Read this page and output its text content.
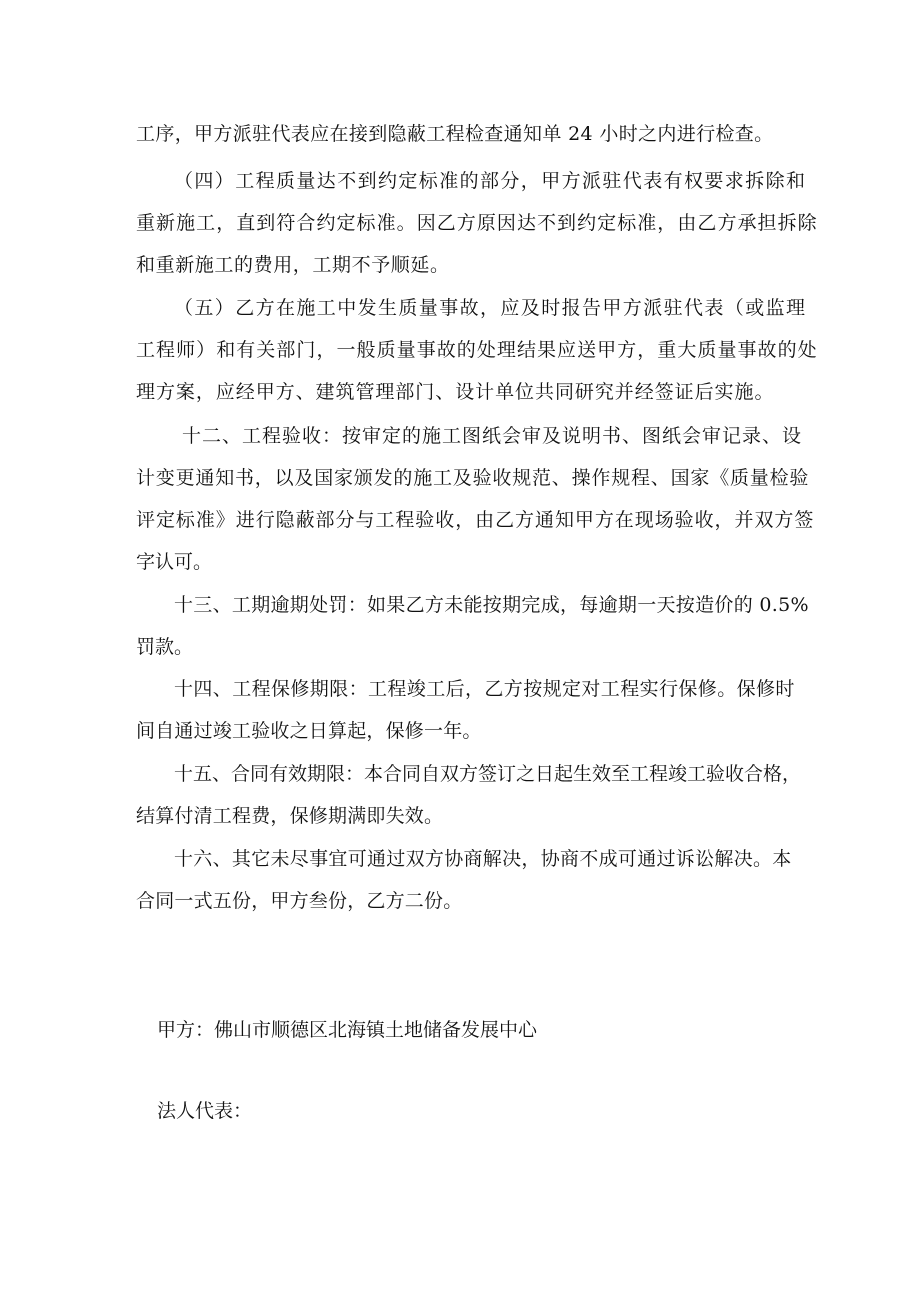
工序，甲方派驻代表应在接到隐蔽工程检查通知单 24 小时之内进行检查。
（四）工程质量达不到约定标准的部分，甲方派驻代表有权要求拆除和
重新施工，直到符合约定标准。因乙方原因达不到约定标准，由乙方承担拆除
和重新施工的费用，工期不予顺延。
（五）乙方在施工中发生质量事故，应及时报告甲方派驻代表（或监理
工程师）和有关部门，一般质量事故的处理结果应送甲方，重大质量事故的处
理方案，应经甲方、建筑管理部门、设计单位共同研究并经签证后实施。
十二、工程验收：按审定的施工图纸会审及说明书、图纸会审记录、设
计变更通知书，以及国家颁发的施工及验收规范、操作规程、国家《质量检验
评定标准》进行隐蔽部分与工程验收，由乙方通知甲方在现场验收，并双方签
字认可。
十三、工期逾期处罚：如果乙方未能按期完成，每逾期一天按造价的 0.5%
罚款。
十四、工程保修期限：工程竣工后，乙方按规定对工程实行保修。保修时
间自通过竣工验收之日算起，保修一年。
十五、合同有效期限：本合同自双方签订之日起生效至工程竣工验收合格，
结算付清工程费，保修期满即失效。
十六、其它未尽事宜可通过双方协商解决，协商不成可通过诉讼解决。本
合同一式五份，甲方叁份，乙方二份。

甲方：佛山市顺德区北海镇土地储备发展中心

法人代表：
